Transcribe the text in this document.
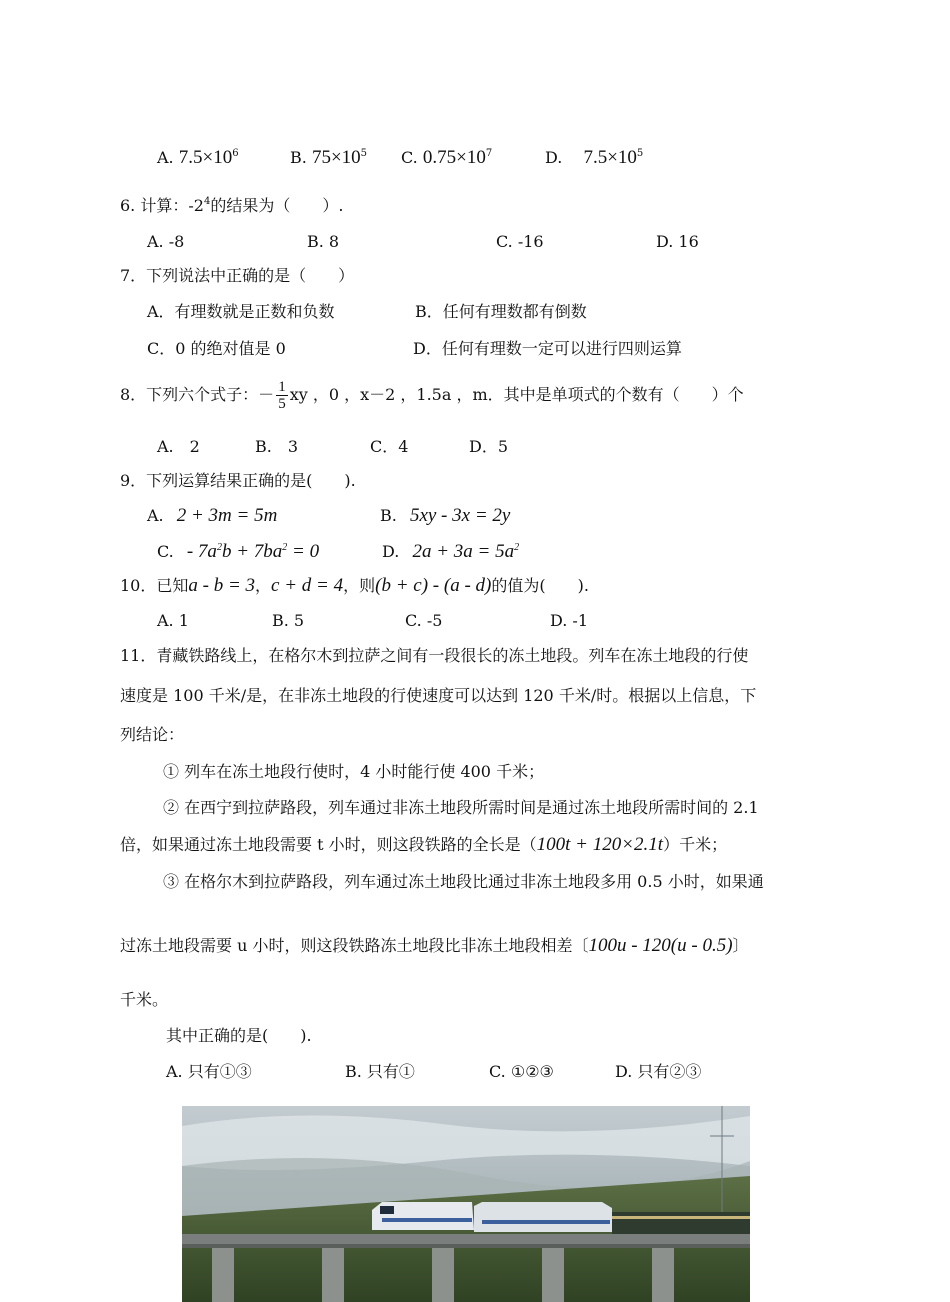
A. $7.5\times 10^6$	B. $75\times 10^5$ C. $0.75\times 10^7$	D. $7.5\times 10^5$
6. 计算：$-2^4$的结果为（　　）.
A. -8	B. 8	C. -16	D. 16
7．下列说法中正确的是（　　）
A．有理数就是正数和负数	B．任何有理数都有倒数
C．0 的绝对值是 0	D．任何有理数一定可以进行四则运算
8．下列六个式子：－ $\frac{1}{5}$ xy ，0 ，x－2 ，1.5a ，m．其中是单项式的个数有（　　）个
A.　2	B.　3	C．4	D．5
9．下列运算结果正确的是(　　).
A. 2 + 3m = 5m	B. 5xy - 3x = 2y
C. - $7a^2b + 7ba^2 = 0$	D. $2a + 3a = 5a^2$
10．已知a - b = 3，c + d = 4，则(b + c) - (a - d)的值为(　　).
A. 1	B. 5	C. -5	D. -1
11．青藏铁路线上，在格尔木到拉萨之间有一段很长的冻土地段。列车在冻土地段的行使
速度是 100 千米/是，在非冻土地段的行使速度可以达到 120 千米/时。根据以上信息，下
列结论：
① 列车在冻土地段行使时，4 小时能行使 400 千米；
② 在西宁到拉萨路段，列车通过非冻土地段所需时间是通过冻土地段所需时间的 2.1
倍，如果通过冻土地段需要 t 小时，则这段铁路的全长是（100t + 120×2.1t）千米；
③ 在格尔木到拉萨路段，列车通过冻土地段比通过非冻土地段多用 0.5 小时，如果通
过冻土地段需要 u 小时，则这段铁路冻土地段比非冻土地段相差〔100u - 120(u - 0.5)〕
千米。
其中正确的是(　　).
A. 只有①③	B. 只有①	C. ①②③	D. 只有②③
